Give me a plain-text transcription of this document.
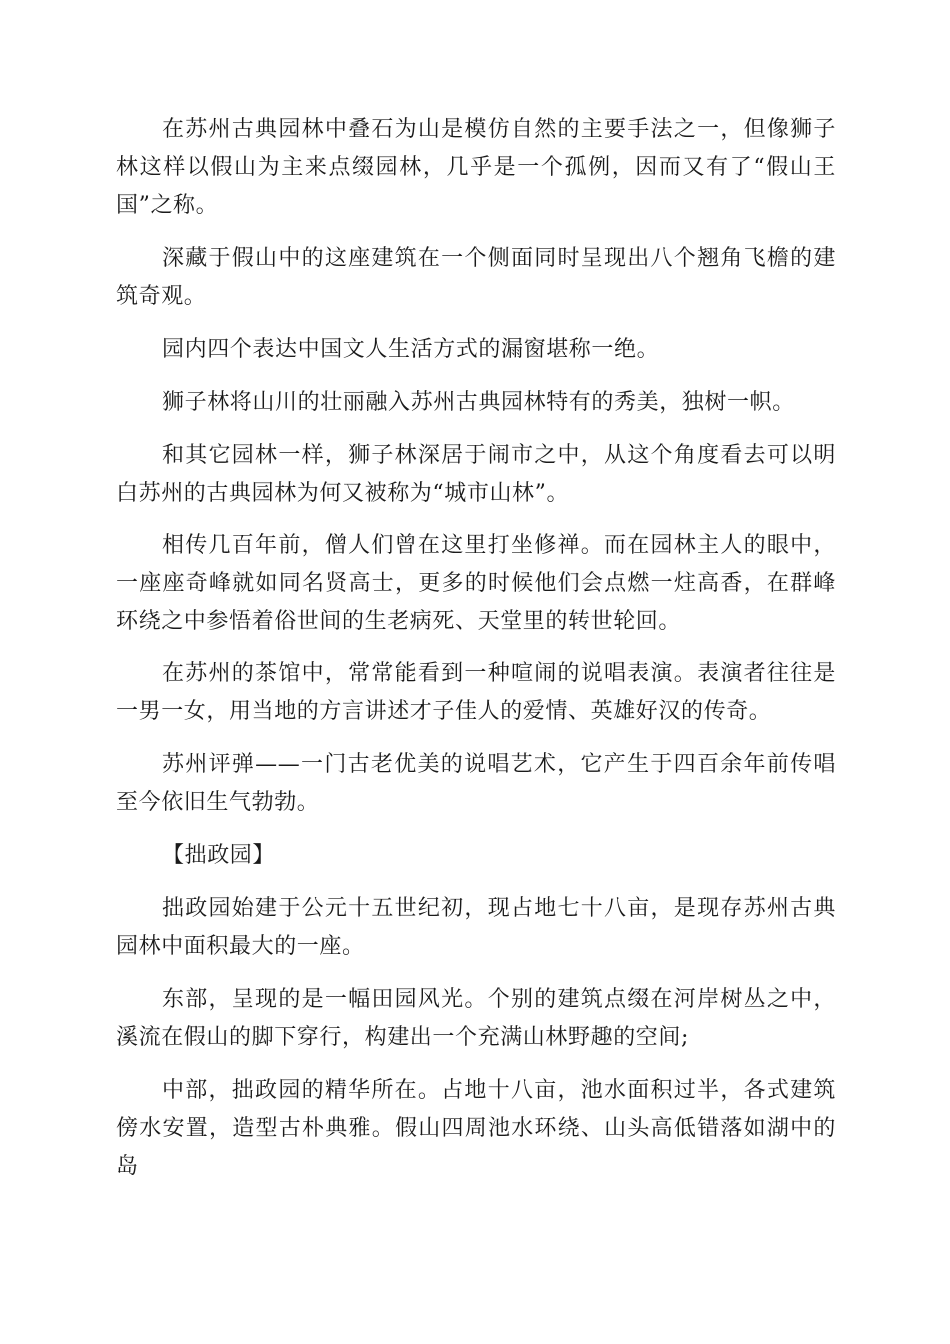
在苏州古典园林中叠石为山是模仿自然的主要手法之一，但像狮子林这样以假山为主来点缀园林，几乎是一个孤例，因而又有了“假山王国”之称。

深藏于假山中的这座建筑在一个侧面同时呈现出八个翘角飞檐的建筑奇观。

园内四个表达中国文人生活方式的漏窗堪称一绝。

狮子林将山川的壮丽融入苏州古典园林特有的秀美，独树一帜。

和其它园林一样，狮子林深居于闹市之中，从这个角度看去可以明白苏州的古典园林为何又被称为“城市山林”。

相传几百年前，僧人们曾在这里打坐修禅。而在园林主人的眼中，一座座奇峰就如同名贤高士，更多的时候他们会点燃一炷高香，在群峰环绕之中参悟着俗世间的生老病死、天堂里的转世轮回。

在苏州的茶馆中，常常能看到一种喧闹的说唱表演。表演者往往是一男一女，用当地的方言讲述才子佳人的爱情、英雄好汉的传奇。

苏州评弹——一门古老优美的说唱艺术，它产生于四百余年前传唱至今依旧生气勃勃。

【拙政园】

拙政园始建于公元十五世纪初，现占地七十八亩，是现存苏州古典园林中面积最大的一座。

东部，呈现的是一幅田园风光。个别的建筑点缀在河岸树丛之中，溪流在假山的脚下穿行，构建出一个充满山林野趣的空间;

中部，拙政园的精华所在。占地十八亩，池水面积过半，各式建筑傍水安置，造型古朴典雅。假山四周池水环绕、山头高低错落如湖中的岛
